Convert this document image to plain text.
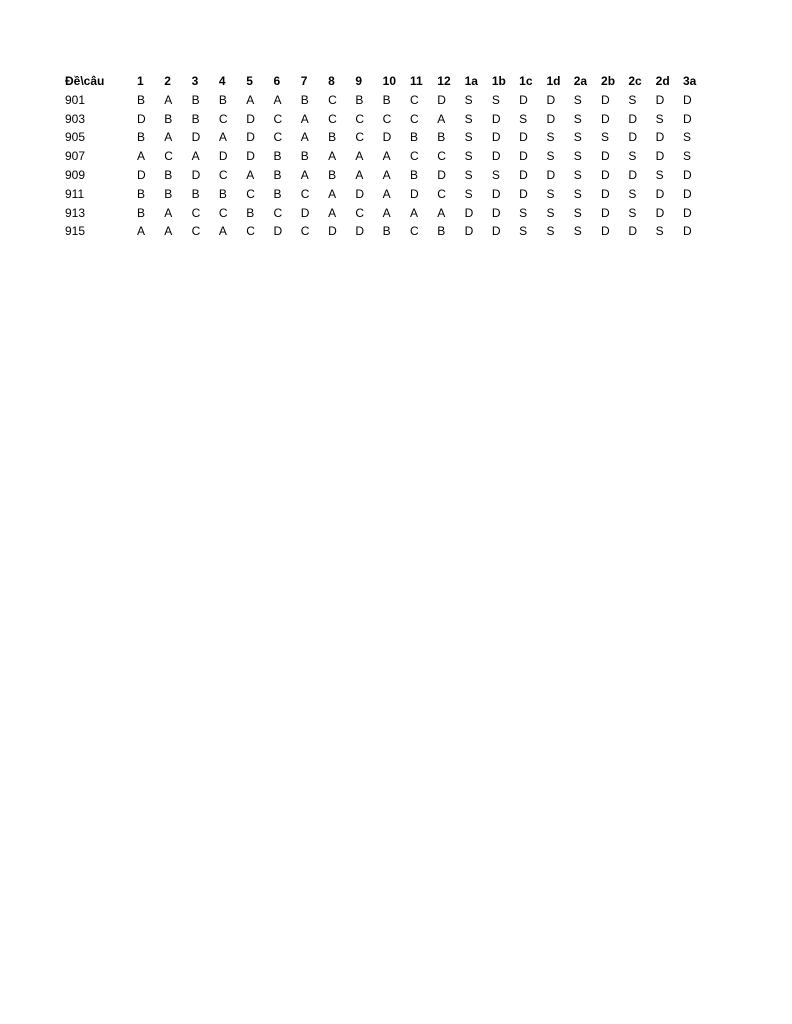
Đề\câu	1	2	3	4	5	6	7	8	9	10	11	12	1a	1b	1c	1d	2a	2b	2c	2d	3a
901	B	A	B	B	A	A	B	C	B	B	C	D	S	S	D	D	S	D	S	D	D
903	D	B	B	C	D	C	A	C	C	C	C	A	S	D	S	D	S	D	D	S	D
905	B	A	D	A	D	C	A	B	C	D	B	B	S	D	D	S	S	S	D	D	S
907	A	C	A	D	D	B	B	A	A	A	C	C	S	D	D	S	S	D	S	D	S
909	D	B	D	C	A	B	A	B	A	A	B	D	S	S	D	D	S	D	D	S	D
911	B	B	B	B	C	B	C	A	D	A	D	C	S	D	D	S	S	D	S	D	D
913	B	A	C	C	B	C	D	A	C	A	A	A	D	D	S	S	S	D	S	D	D
915	A	A	C	A	C	D	C	D	D	B	C	B	D	D	S	S	S	D	D	S	D
